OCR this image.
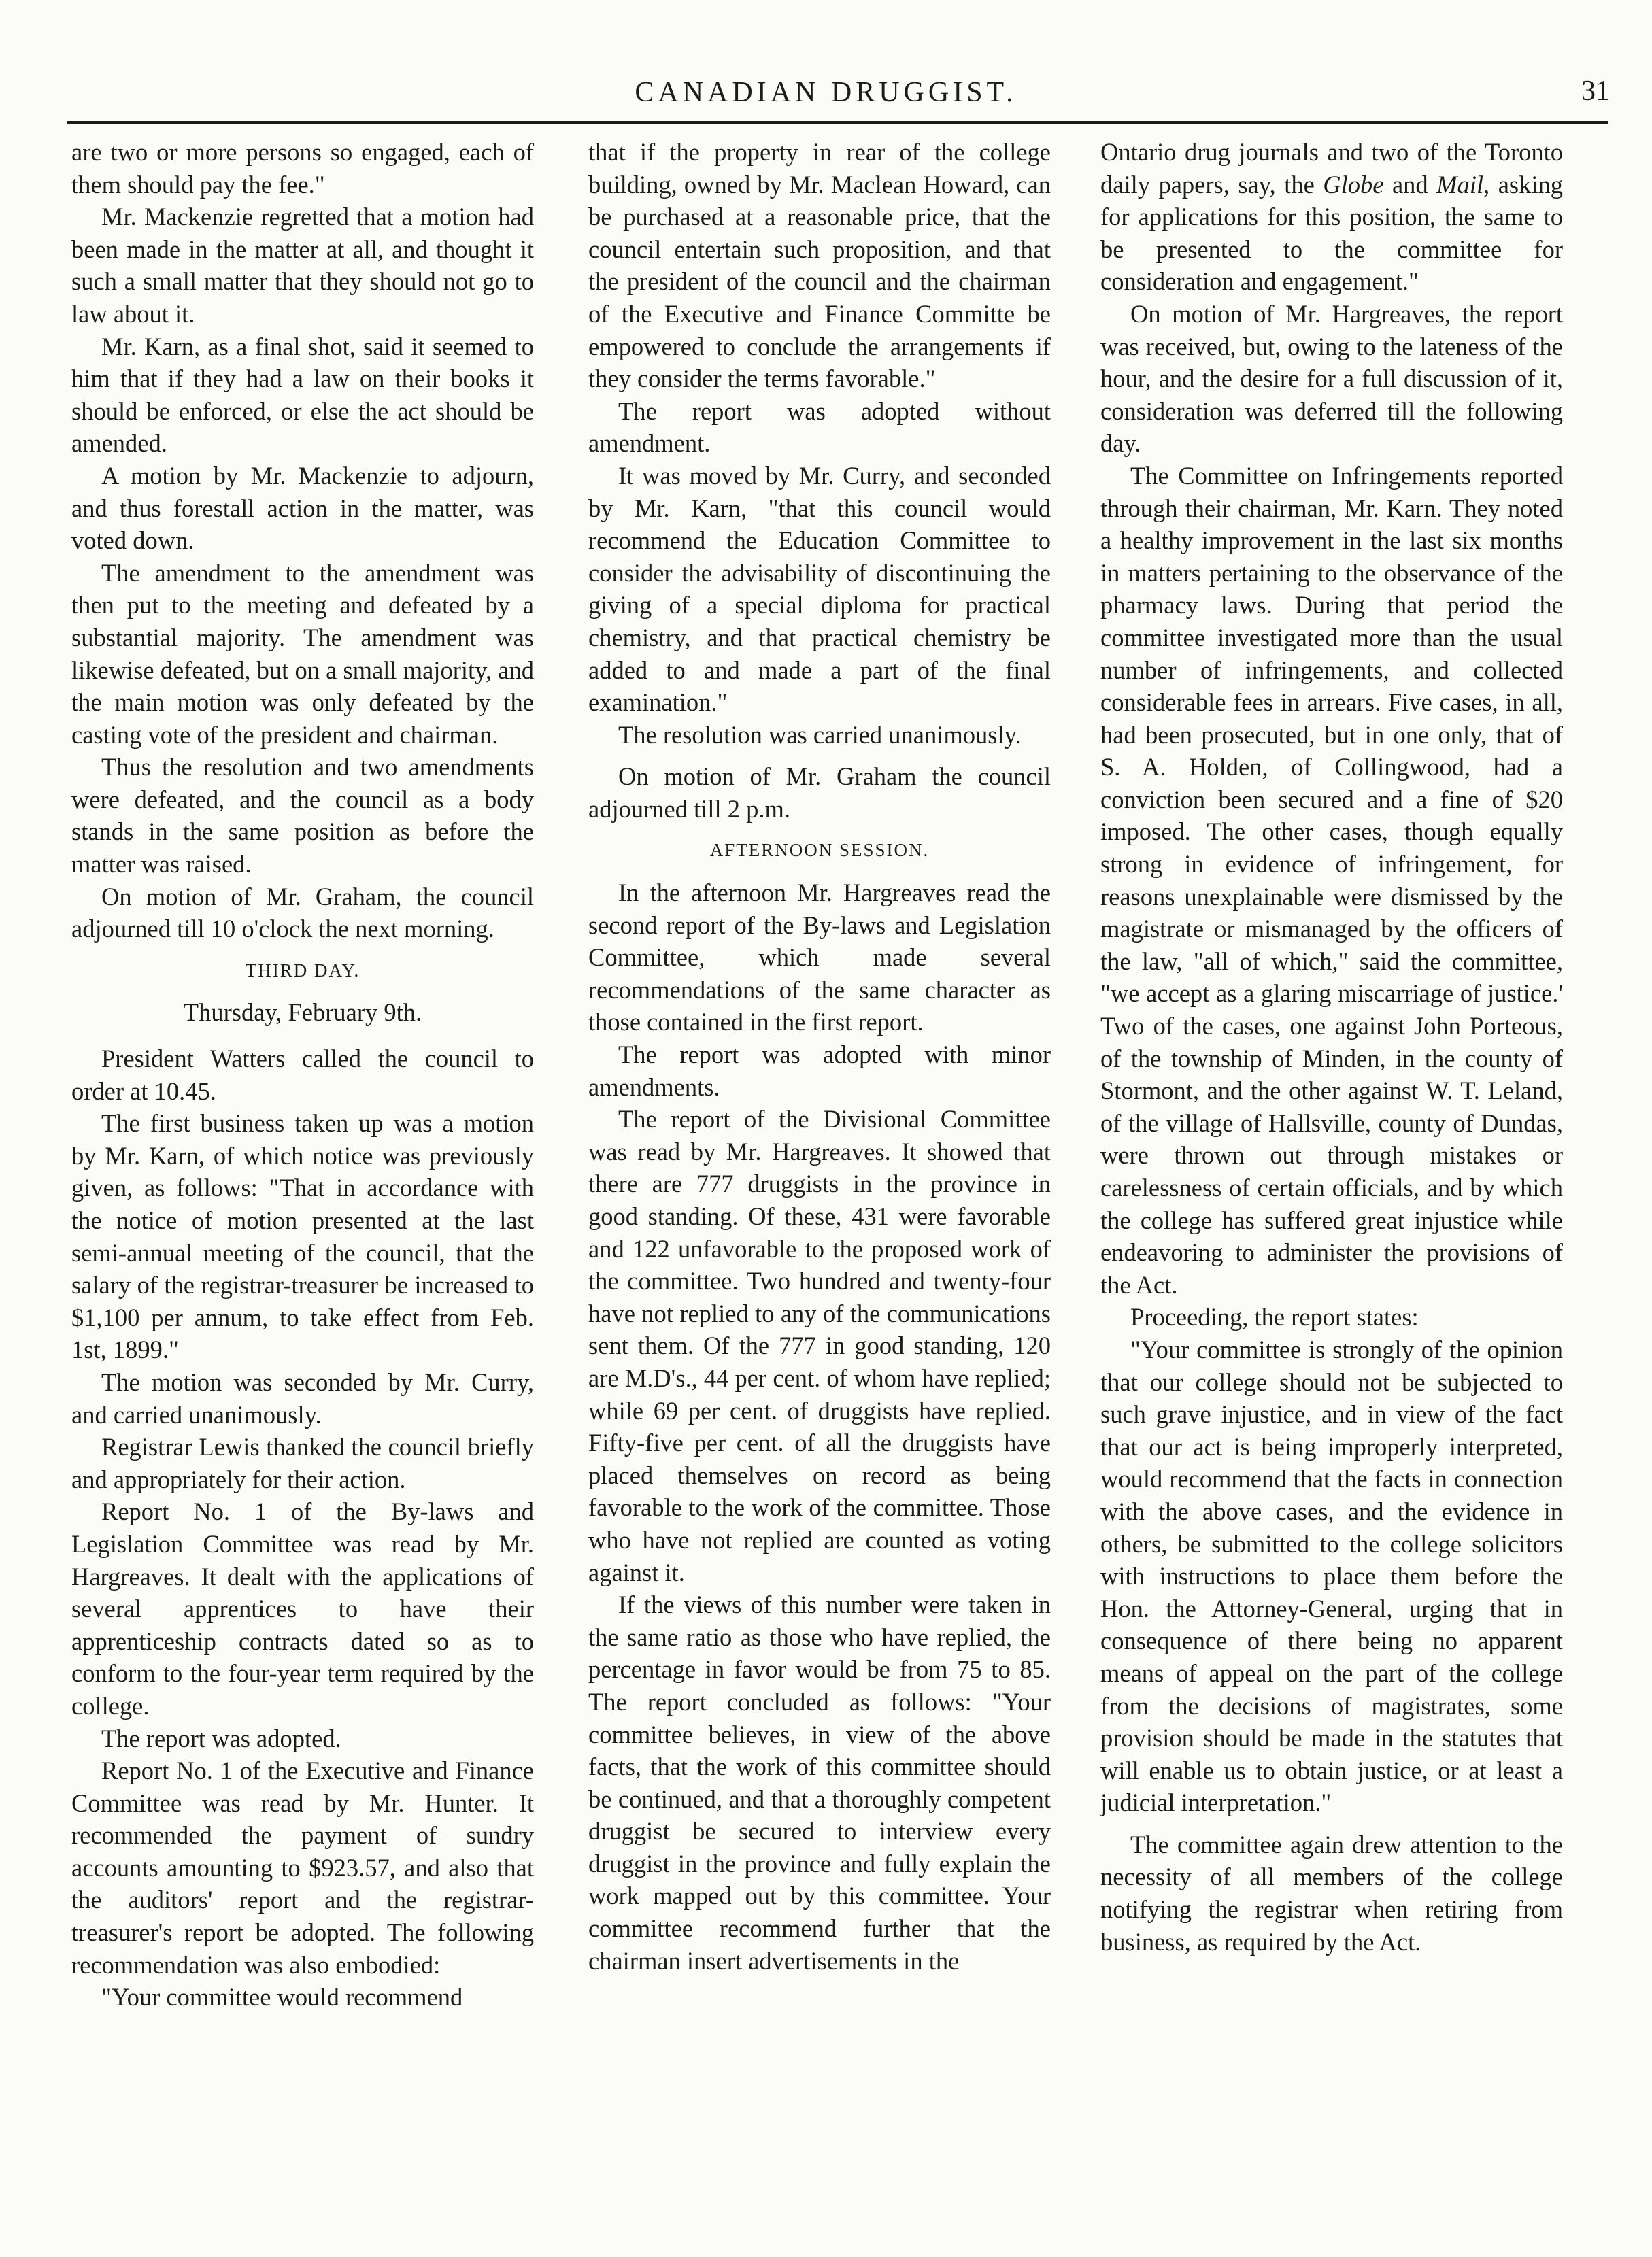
CANADIAN DRUGGIST.	31

are two or more persons so engaged, each of them should pay the fee."

Mr. Mackenzie regretted that a motion had been made in the matter at all, and thought it such a small matter that they should not go to law about it.

Mr. Karn, as a final shot, said it seemed to him that if they had a law on their books it should be enforced, or else the act should be amended.

A motion by Mr. Mackenzie to adjourn, and thus forestall action in the matter, was voted down.

The amendment to the amendment was then put to the meeting and defeated by a substantial majority. The amendment was likewise defeated, but on a small majority, and the main motion was only defeated by the casting vote of the president and chairman.

Thus the resolution and two amendments were defeated, and the council as a body stands in the same position as before the matter was raised.

On motion of Mr. Graham, the council adjourned till 10 o'clock the next morning.

THIRD DAY.

Thursday, February 9th.

President Watters called the council to order at 10.45.

The first business taken up was a motion by Mr. Karn, of which notice was previously given, as follows: "That in accordance with the notice of motion presented at the last semi-annual meeting of the council, that the salary of the registrar-treasurer be increased to $1,100 per annum, to take effect from Feb. 1st, 1899."

The motion was seconded by Mr. Curry, and carried unanimously.

Registrar Lewis thanked the council briefly and appropriately for their action.

Report No. 1 of the By-laws and Legislation Committee was read by Mr. Hargreaves. It dealt with the applications of several apprentices to have their apprenticeship contracts dated so as to conform to the four-year term required by the college.

The report was adopted.

Report No. 1 of the Executive and Finance Committee was read by Mr. Hunter. It recommended the payment of sundry accounts amounting to $923.57, and also that the auditors' report and the registrar-treasurer's report be adopted. The following recommendation was also embodied:

"Your committee would recommend

that if the property in rear of the college building, owned by Mr. Maclean Howard, can be purchased at a reasonable price, that the council entertain such proposition, and that the president of the council and the chairman of the Executive and Finance Committe be empowered to conclude the arrangements if they consider the terms favorable."

The report was adopted without amendment.

It was moved by Mr. Curry, and seconded by Mr. Karn, "that this council would recommend the Education Committee to consider the advisability of discontinuing the giving of a special diploma for practical chemistry, and that practical chemistry be added to and made a part of the final examination."

The resolution was carried unanimously.

On motion of Mr. Graham the council adjourned till 2 p.m.

AFTERNOON SESSION.

In the afternoon Mr. Hargreaves read the second report of the By-laws and Legislation Committee, which made several recommendations of the same character as those contained in the first report.

The report was adopted with minor amendments.

The report of the Divisional Committee was read by Mr. Hargreaves. It showed that there are 777 druggists in the province in good standing. Of these, 431 were favorable and 122 unfavorable to the proposed work of the committee. Two hundred and twenty-four have not replied to any of the communications sent them. Of the 777 in good standing, 120 are M.D's., 44 per cent. of whom have replied; while 69 per cent. of druggists have replied. Fifty-five per cent. of all the druggists have placed themselves on record as being favorable to the work of the committee. Those who have not replied are counted as voting against it.

If the views of this number were taken in the same ratio as those who have replied, the percentage in favor would be from 75 to 85. The report concluded as follows: "Your committee believes, in view of the above facts, that the work of this committee should be continued, and that a thoroughly competent druggist be secured to interview every druggist in the province and fully explain the work mapped out by this committee. Your committee recommend further that the chairman insert advertisements in the

Ontario drug journals and two of the Toronto daily papers, say, the Globe and Mail, asking for applications for this position, the same to be presented to the committee for consideration and engagement."

On motion of Mr. Hargreaves, the report was received, but, owing to the lateness of the hour, and the desire for a full discussion of it, consideration was deferred till the following day.

The Committee on Infringements reported through their chairman, Mr. Karn. They noted a healthy improvement in the last six months in matters pertaining to the observance of the pharmacy laws. During that period the committee investigated more than the usual number of infringements, and collected considerable fees in arrears. Five cases, in all, had been prosecuted, but in one only, that of S. A. Holden, of Collingwood, had a conviction been secured and a fine of $20 imposed. The other cases, though equally strong in evidence of infringement, for reasons unexplainable were dismissed by the magistrate or mismanaged by the officers of the law, "all of which," said the committee, "we accept as a glaring miscarriage of justice.' Two of the cases, one against John Porteous, of the township of Minden, in the county of Stormont, and the other against W. T. Leland, of the village of Hallsville, county of Dundas, were thrown out through mistakes or carelessness of certain officials, and by which the college has suffered great injustice while endeavoring to administer the provisions of the Act.

Proceeding, the report states:

"Your committee is strongly of the opinion that our college should not be subjected to such grave injustice, and in view of the fact that our act is being improperly interpreted, would recommend that the facts in connection with the above cases, and the evidence in others, be submitted to the college solicitors with instructions to place them before the Hon. the Attorney-General, urging that in consequence of there being no apparent means of appeal on the part of the college from the decisions of magistrates, some provision should be made in the statutes that will enable us to obtain justice, or at least a judicial interpretation."

The committee again drew attention to the necessity of all members of the college notifying the registrar when retiring from business, as required by the Act.
